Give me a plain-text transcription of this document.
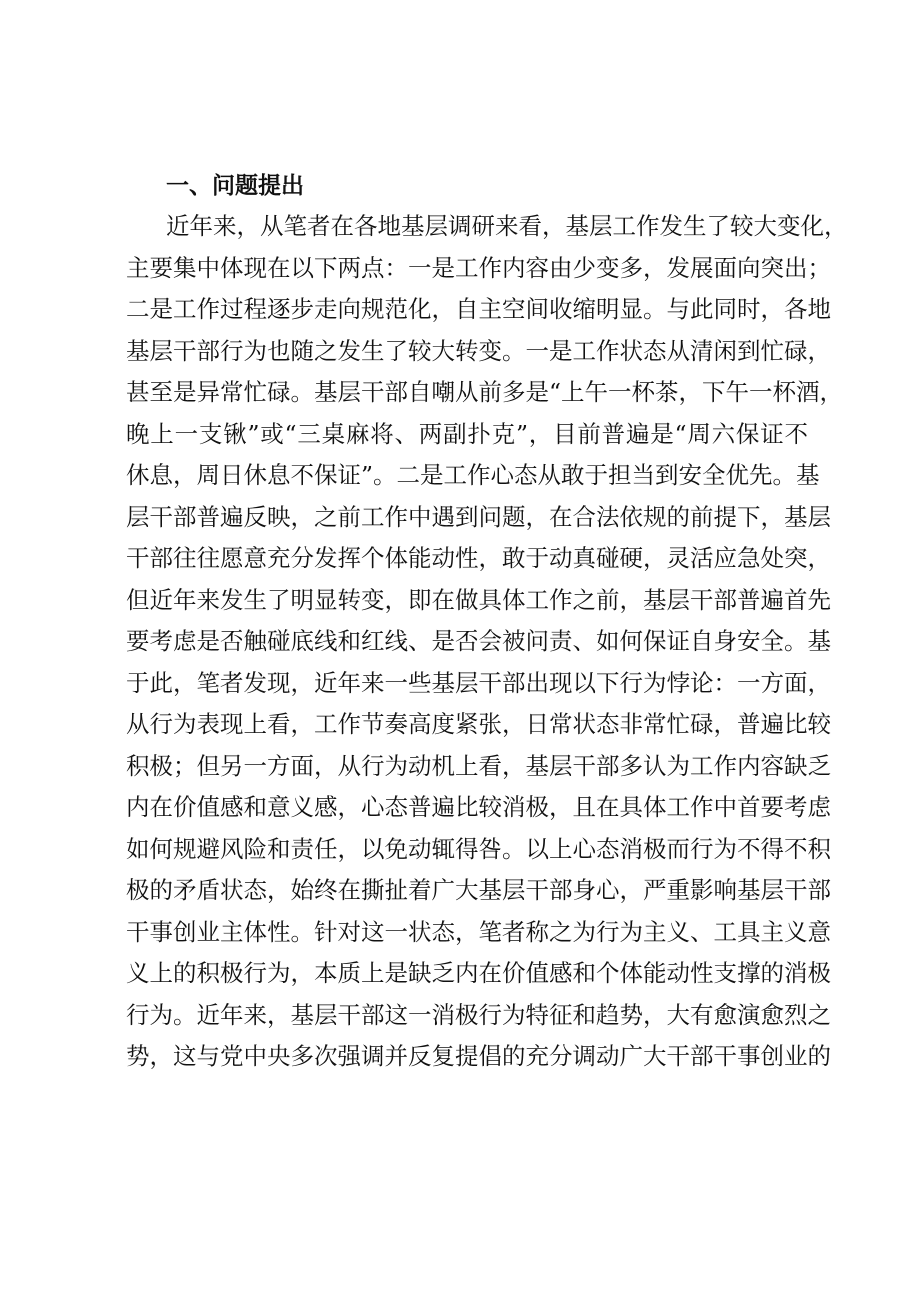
一、问题提出

近年来，从笔者在各地基层调研来看，基层工作发生了较大变化，

主要集中体现在以下两点：一是工作内容由少变多，发展面向突出；

二是工作过程逐步走向规范化，自主空间收缩明显。与此同时，各地

基层干部行为也随之发生了较大转变。一是工作状态从清闲到忙碌，

甚至是异常忙碌。基层干部自嘲从前多是“上午一杯茶，下午一杯酒，

晚上一支锹”或“三桌麻将、两副扑克”，目前普遍是“周六保证不

休息，周日休息不保证”。二是工作心态从敢于担当到安全优先。基

层干部普遍反映，之前工作中遇到问题，在合法依规的前提下，基层

干部往往愿意充分发挥个体能动性，敢于动真碰硬，灵活应急处突，

但近年来发生了明显转变，即在做具体工作之前，基层干部普遍首先

要考虑是否触碰底线和红线、是否会被问责、如何保证自身安全。基

于此，笔者发现，近年来一些基层干部出现以下行为悖论：一方面，

从行为表现上看，工作节奏高度紧张，日常状态非常忙碌，普遍比较

积极；但另一方面，从行为动机上看，基层干部多认为工作内容缺乏

内在价值感和意义感，心态普遍比较消极，且在具体工作中首要考虑

如何规避风险和责任，以免动辄得咎。以上心态消极而行为不得不积

极的矛盾状态，始终在撕扯着广大基层干部身心，严重影响基层干部

干事创业主体性。针对这一状态，笔者称之为行为主义、工具主义意

义上的积极行为，本质上是缺乏内在价值感和个体能动性支撑的消极

行为。近年来，基层干部这一消极行为特征和趋势，大有愈演愈烈之

势，这与党中央多次强调并反复提倡的充分调动广大干部干事创业的
